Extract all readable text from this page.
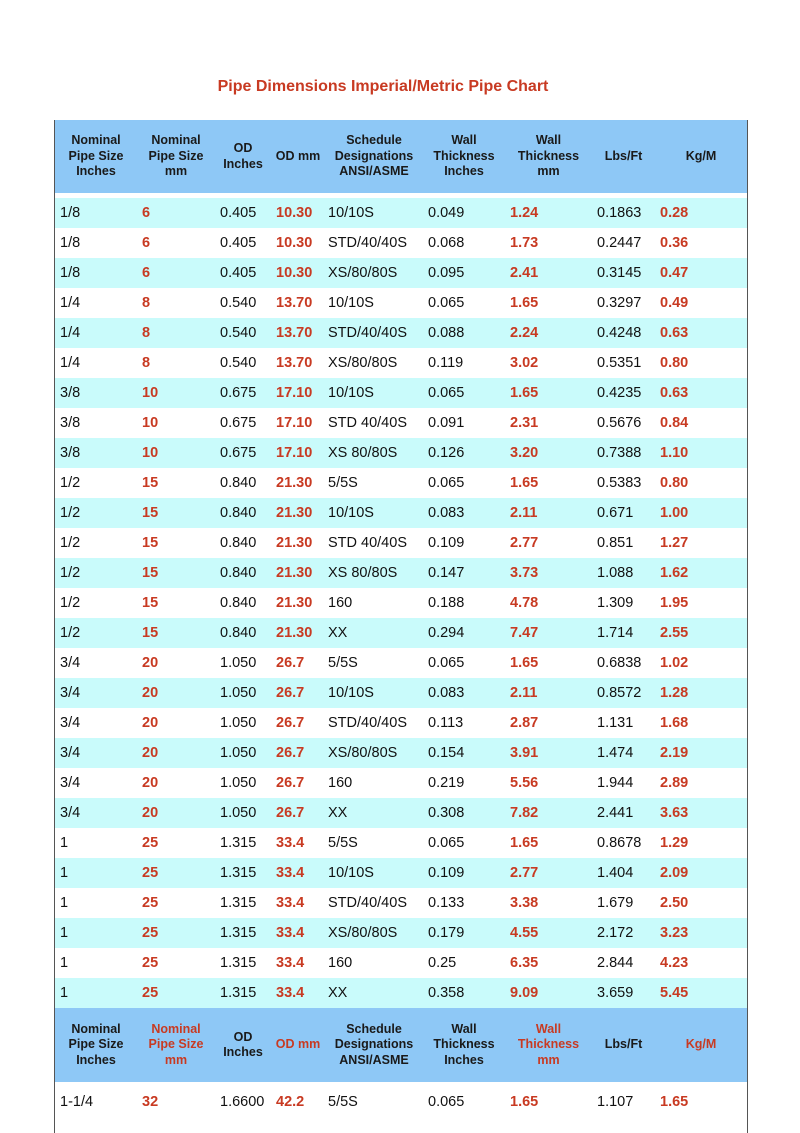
Pipe Dimensions Imperial/Metric Pipe Chart
Nominal Pipe Size Inches	Nominal Pipe Size mm	OD Inches	OD mm	Schedule Designations ANSI/ASME	Wall Thickness Inches	Wall Thickness mm	Lbs/Ft	Kg/M

1/8	6	0.405	10.30	10/10S	0.049	1.24	0.1863	0.28
1/8	6	0.405	10.30	STD/40/40S	0.068	1.73	0.2447	0.36
1/8	6	0.405	10.30	XS/80/80S	0.095	2.41	0.3145	0.47
1/4	8	0.540	13.70	10/10S	0.065	1.65	0.3297	0.49
1/4	8	0.540	13.70	STD/40/40S	0.088	2.24	0.4248	0.63
1/4	8	0.540	13.70	XS/80/80S	0.119	3.02	0.5351	0.80
3/8	10	0.675	17.10	10/10S	0.065	1.65	0.4235	0.63
3/8	10	0.675	17.10	STD 40/40S	0.091	2.31	0.5676	0.84
3/8	10	0.675	17.10	XS 80/80S	0.126	3.20	0.7388	1.10
1/2	15	0.840	21.30	5/5S	0.065	1.65	0.5383	0.80
1/2	15	0.840	21.30	10/10S	0.083	2.11	0.671	1.00
1/2	15	0.840	21.30	STD 40/40S	0.109	2.77	0.851	1.27
1/2	15	0.840	21.30	XS 80/80S	0.147	3.73	1.088	1.62
1/2	15	0.840	21.30	160	0.188	4.78	1.309	1.95
1/2	15	0.840	21.30	XX	0.294	7.47	1.714	2.55
3/4	20	1.050	26.7	5/5S	0.065	1.65	0.6838	1.02
3/4	20	1.050	26.7	10/10S	0.083	2.11	0.8572	1.28
3/4	20	1.050	26.7	STD/40/40S	0.113	2.87	1.131	1.68
3/4	20	1.050	26.7	XS/80/80S	0.154	3.91	1.474	2.19
3/4	20	1.050	26.7	160	0.219	5.56	1.944	2.89
3/4	20	1.050	26.7	XX	0.308	7.82	2.441	3.63
1	25	1.315	33.4	5/5S	0.065	1.65	0.8678	1.29
1	25	1.315	33.4	10/10S	0.109	2.77	1.404	2.09
1	25	1.315	33.4	STD/40/40S	0.133	3.38	1.679	2.50
1	25	1.315	33.4	XS/80/80S	0.179	4.55	2.172	3.23
1	25	1.315	33.4	160	0.25	6.35	2.844	4.23
1	25	1.315	33.4	XX	0.358	9.09	3.659	5.45
Nominal Pipe Size Inches	Nominal Pipe Size mm	OD Inches	OD mm	Schedule Designations ANSI/ASME	Wall Thickness Inches	Wall Thickness mm	Lbs/Ft	Kg/M

1-1/4	32	1.6600	42.2	5/5S	0.065	1.65	1.107	1.65
